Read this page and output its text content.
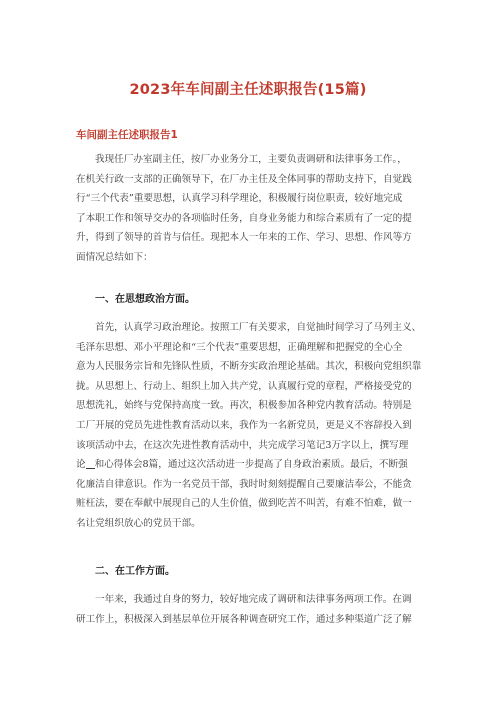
2023年车间副主任述职报告(15篇)
车间副主任述职报告1
我现任厂办室副主任，按厂办业务分工，主要负责调研和法律事务工作。，
在机关行政一支部的正确领导下，在厂办主任及全体同事的帮助支持下，自觉践
行“三个代表”重要思想，认真学习科学理论，积极履行岗位职责，较好地完成
了本职工作和领导交办的各项临时任务，自身业务能力和综合素质有了一定的提
升，得到了领导的首肯与信任。现把本人一年来的工作、学习、思想、作风等方
面情况总结如下：
一、在思想政治方面。
首先，认真学习政治理论。按照工厂有关要求，自觉抽时间学习了马列主义、
毛泽东思想、邓小平理论和“三个代表”重要思想，正确理解和把握党的全心全
意为人民服务宗旨和先锋队性质，不断夯实政治理论基础。其次，积极向党组织靠
拢。从思想上、行动上、组织上加入共产党，认真履行党的章程，严格接受党的
思想洗礼，始终与党保持高度一致。再次，积极参加各种党内教育活动。特别是
工厂开展的党员先进性教育活动以来，我作为一名新党员，更是义不容辞投入到
该项活动中去，在这次先进性教育活动中，共完成学习笔记3万字以上，撰写理
论 和心得体会8篇，通过这次活动进一步提高了自身政治素质。最后，不断强
化廉洁自律意识。作为一名党员干部，我时时刻刻提醒自己要廉洁奉公，不能贪
赃枉法，要在奉献中展现自己的人生价值，做到吃苦不叫苦，有难不怕难，做一
名让党组织放心的党员干部。
二、在工作方面。
一年来，我通过自身的努力，较好地完成了调研和法律事务两项工作。在调
研工作上，积极深入到基层单位开展各种调查研究工作，通过多种渠道广泛了解
